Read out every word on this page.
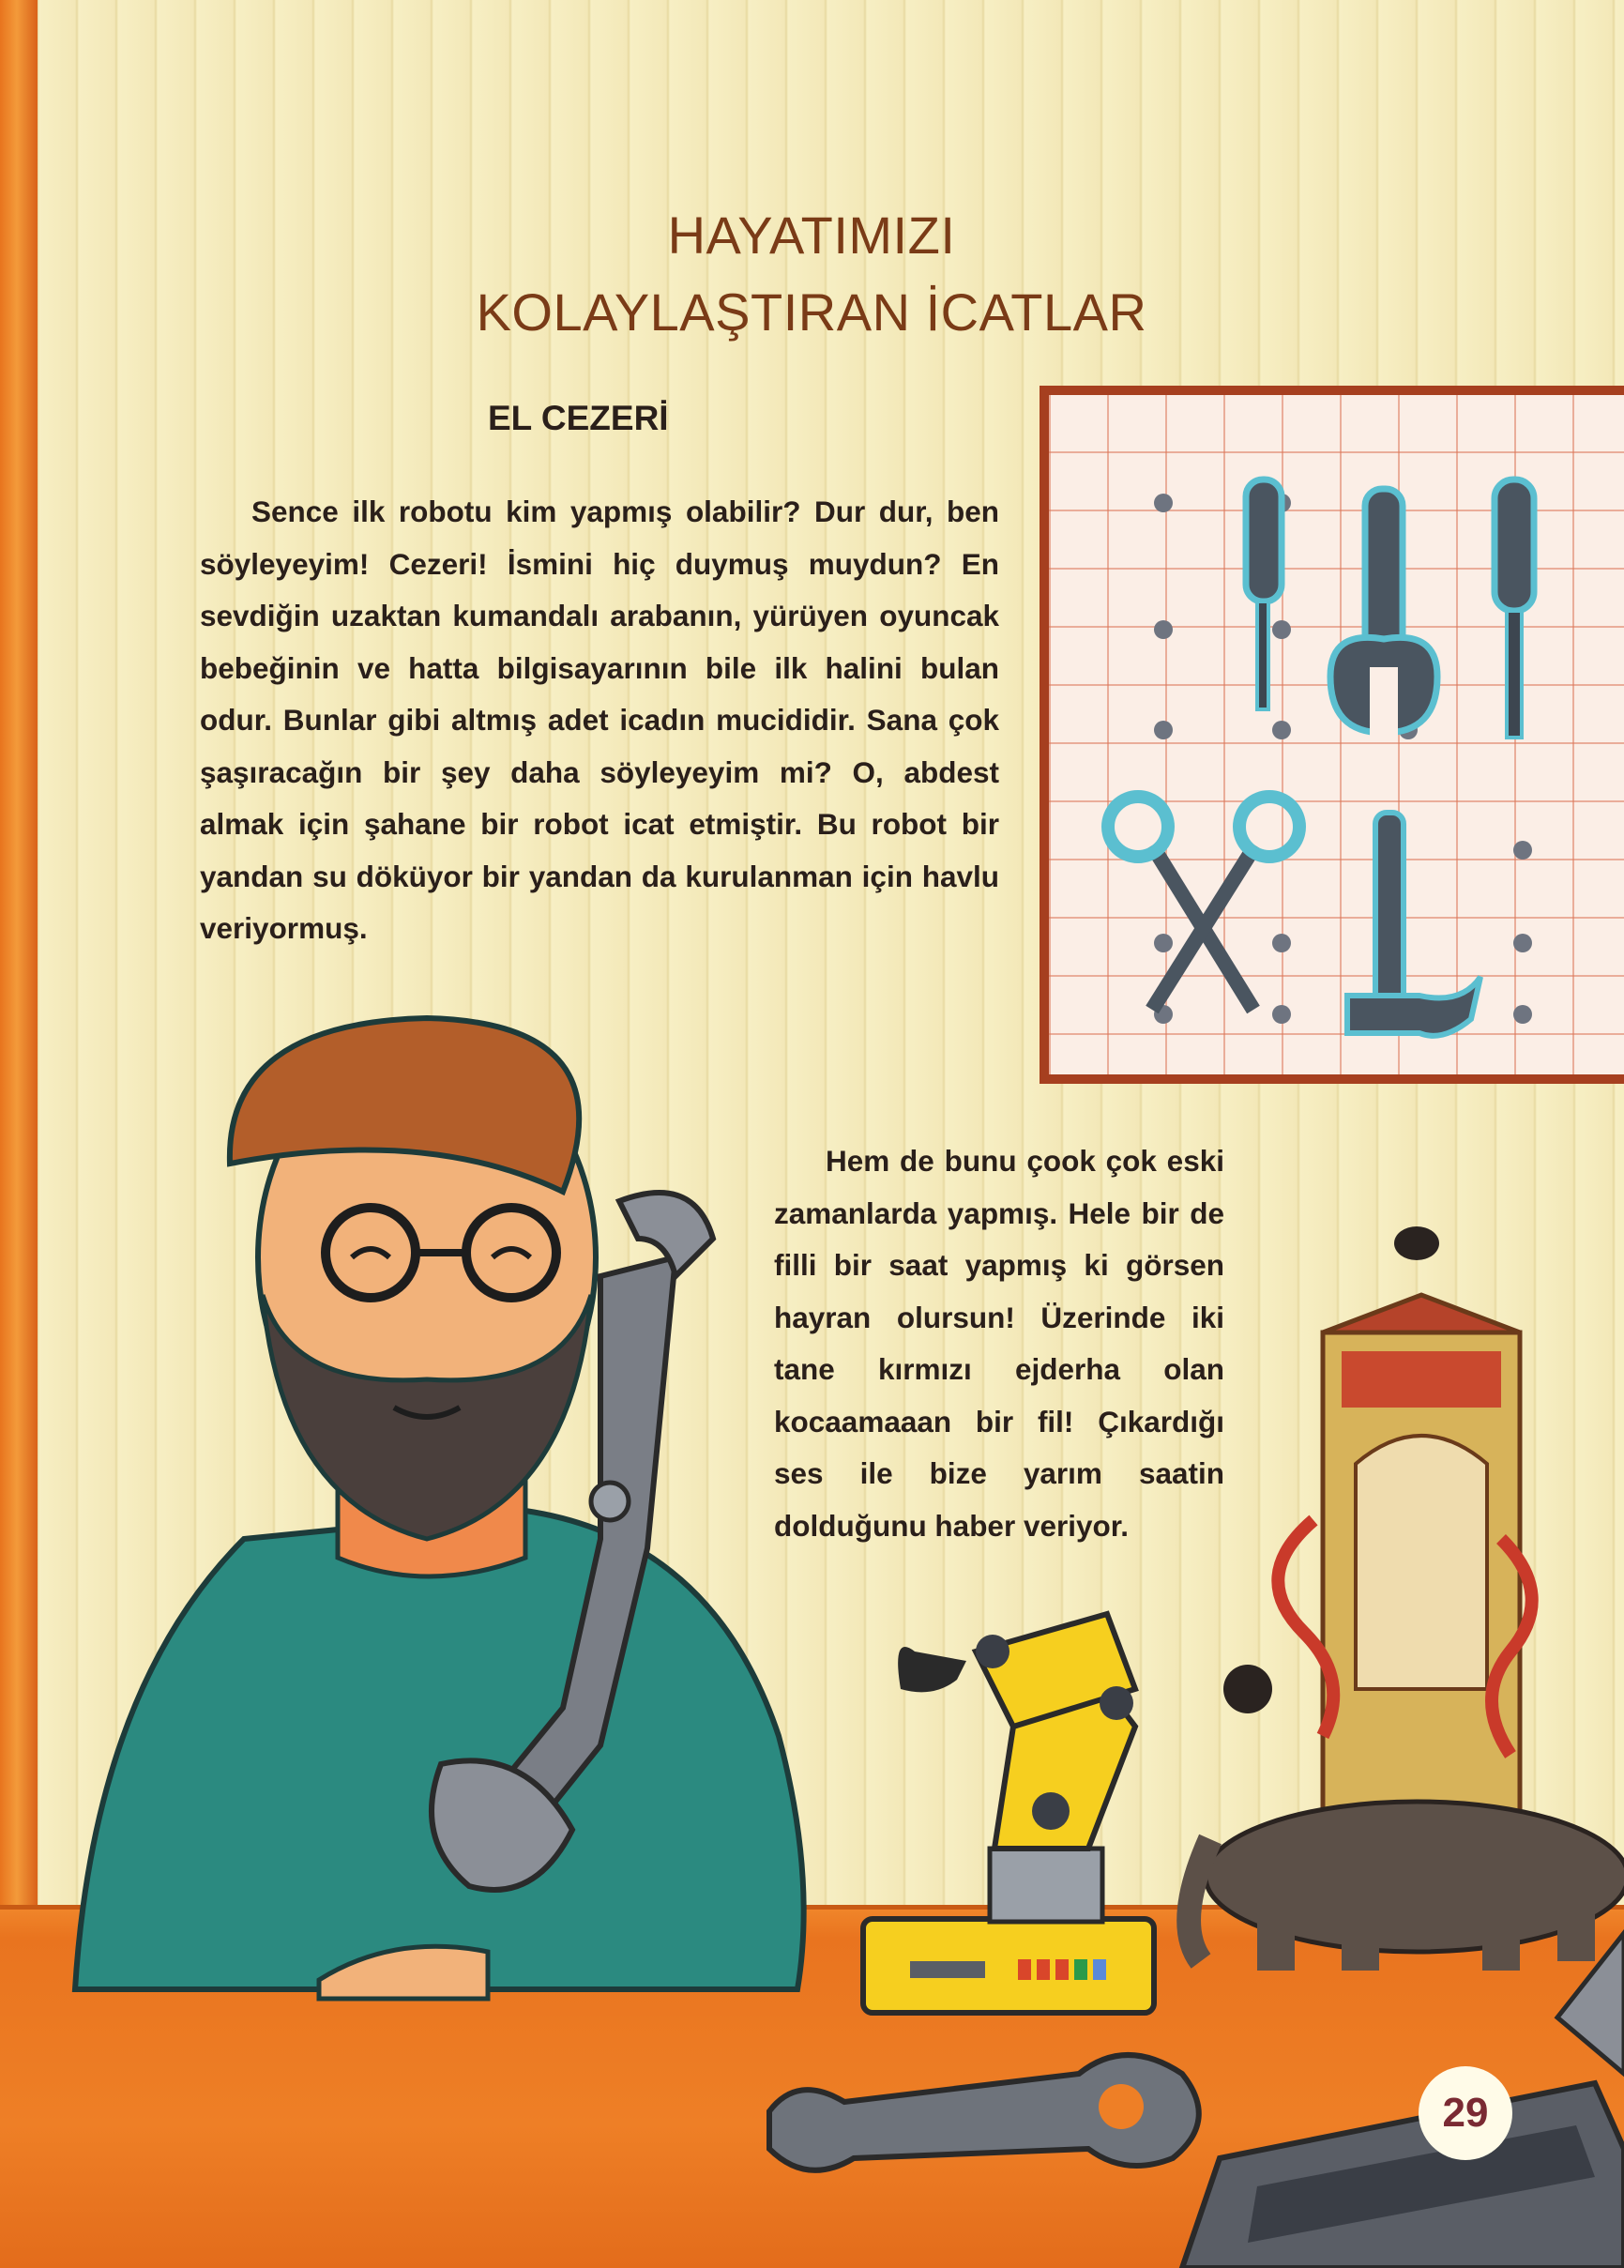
HAYATIMIZI
KOLAYLAŞTIRAN İCATLAR
EL CEZERİ

Sence ilk robotu kim yapmış olabilir? Dur dur, ben söyleyeyim! Cezeri! İsmini hiç duymuş muydun? En sevdiğin uzaktan kumandalı arabanın, yürüyen oyuncak bebeğinin ve hatta bilgisayarının bile ilk halini bulan odur. Bunlar gibi altmış adet icadın mucididir. Sana çok şaşıracağın bir şey daha söyleyeyim mi? O, abdest almak için şahane bir robot icat etmiştir. Bu robot bir yandan su döküyor bir yandan da kurulanman için havlu veriyormuş.

Hem de bunu çook çok eski zamanlarda yapmış. Hele bir de filli bir saat yapmış ki görsen hayran olursun! Üzerinde iki tane kırmızı ejderha olan kocaamaaan bir fil! Çıkardığı ses ile bize yarım saatin dolduğunu haber veriyor.

29
